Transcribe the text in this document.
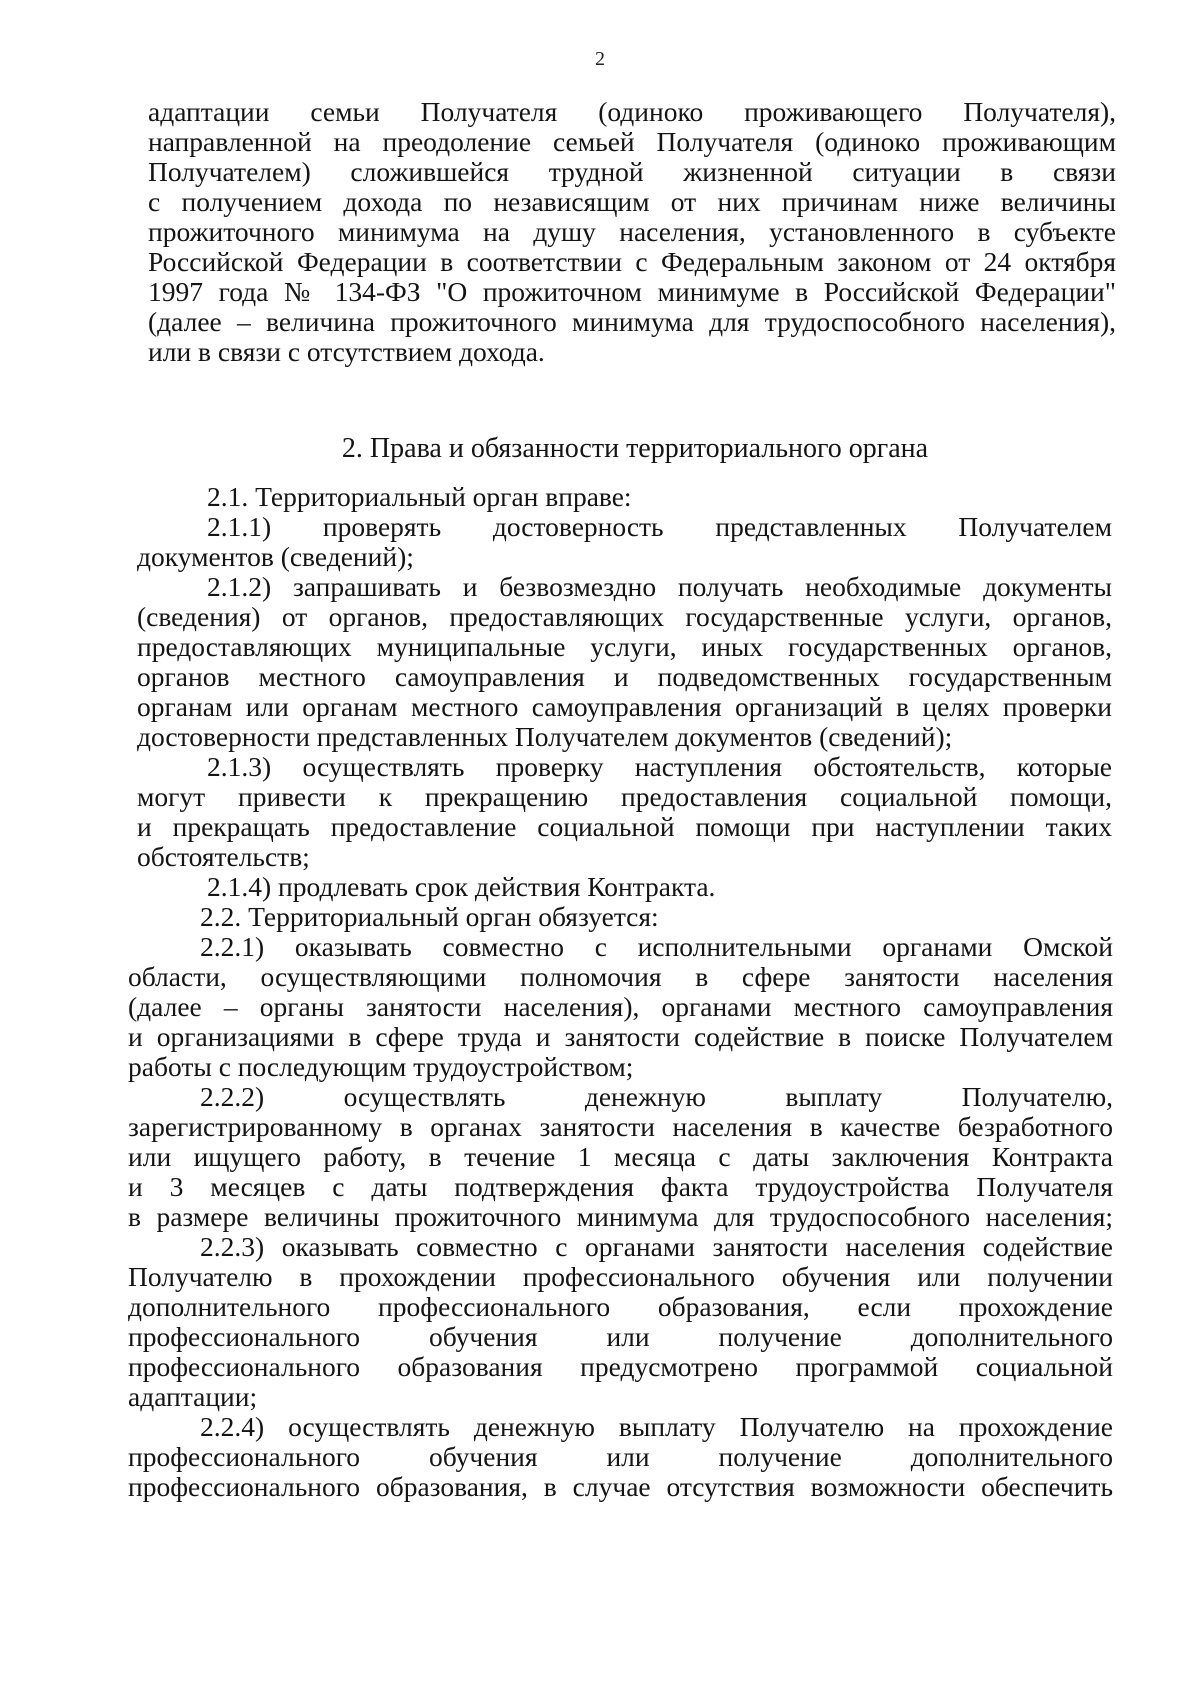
2
адаптации семьи Получателя (одиноко проживающего Получателя),
направленной на преодоление семьей Получателя (одиноко проживающим
Получателем) сложившейся трудной жизненной ситуации в связи
с получением дохода по независящим от них причинам ниже величины
прожиточного минимума на душу населения, установленного в субъекте
Российской Федерации в соответствии с Федеральным законом от 24 октября
1997 года № 134-ФЗ "О прожиточном минимуме в Российской Федерации"
(далее – величина прожиточного минимума для трудоспособного населения),
или в связи с отсутствием дохода.
2. Права и обязанности территориального органа
2.1. Территориальный орган вправе:
2.1.1) проверять достоверность представленных Получателем
документов (сведений);
2.1.2) запрашивать и безвозмездно получать необходимые документы
(сведения) от органов, предоставляющих государственные услуги, органов,
предоставляющих муниципальные услуги, иных государственных органов,
органов местного самоуправления и подведомственных государственным
органам или органам местного самоуправления организаций в целях проверки
достоверности представленных Получателем документов (сведений);
2.1.3) осуществлять проверку наступления обстоятельств, которые
могут привести к прекращению предоставления социальной помощи,
и прекращать предоставление социальной помощи при наступлении таких
обстоятельств;
2.1.4) продлевать срок действия Контракта.
2.2. Территориальный орган обязуется:
2.2.1) оказывать совместно с исполнительными органами Омской
области, осуществляющими полномочия в сфере занятости населения
(далее – органы занятости населения), органами местного самоуправления
и организациями в сфере труда и занятости содействие в поиске Получателем
работы с последующим трудоустройством;
2.2.2) осуществлять денежную выплату Получателю,
зарегистрированному в органах занятости населения в качестве безработного
или ищущего работу, в течение 1 месяца с даты заключения Контракта
и 3 месяцев с даты подтверждения факта трудоустройства Получателя
в размере величины прожиточного минимума для трудоспособного населения;
2.2.3) оказывать совместно с органами занятости населения содействие
Получателю в прохождении профессионального обучения или получении
дополнительного профессионального образования, если прохождение
профессионального обучения или получение дополнительного
профессионального образования предусмотрено программой социальной
адаптации;
2.2.4) осуществлять денежную выплату Получателю на прохождение
профессионального обучения или получение дополнительного
профессионального образования, в случае отсутствия возможности обеспечить
